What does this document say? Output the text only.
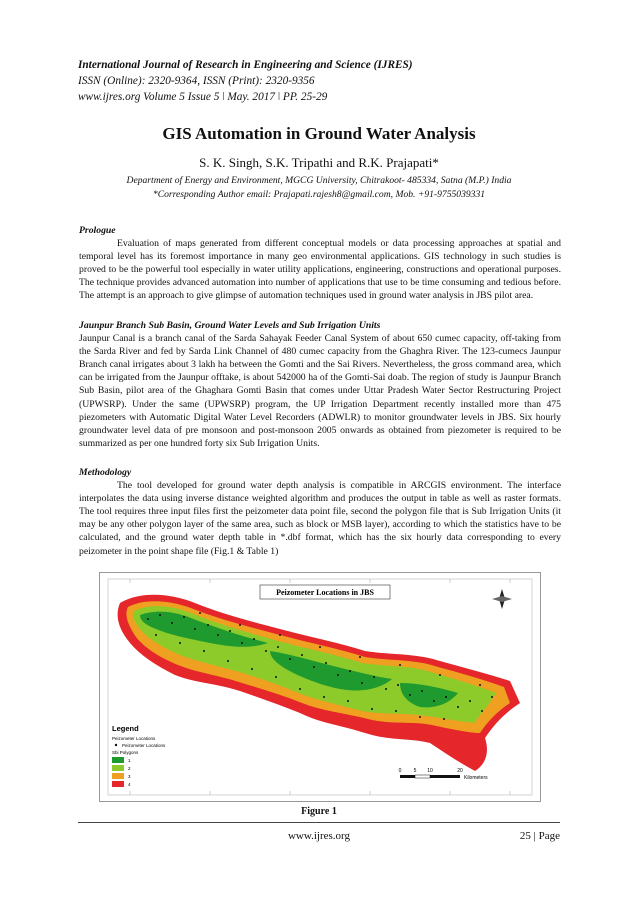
International Journal of Research in Engineering and Science (IJRES)
ISSN (Online): 2320-9364, ISSN (Print): 2320-9356
www.ijres.org Volume 5 Issue 5 ǀ May. 2017 ǀ PP. 25-29
GIS Automation in Ground Water Analysis
S. K. Singh, S.K. Tripathi and R.K. Prajapati*
Department of Energy and Environment, MGCG University, Chitrakoot- 485334, Satna (M.P.) India
*Corresponding Author email: Prajapati.rajesh8@gmail.com, Mob. +91-9755039331
Prologue

Evaluation of maps generated from different conceptual models or data processing approaches at spatial and temporal level has its foremost importance in many geo environmental applications. GIS technology in such studies is proved to be the powerful tool especially in water utility applications, engineering, constructions and operational purposes. The technique provides advanced automation into number of applications that use to be time consuming and tedious before. The attempt is an approach to give glimpse of automation techniques used in ground water analysis in JBS pilot area.

Jaunpur Branch Sub Basin, Ground Water Levels and Sub Irrigation Units

Jaunpur Canal is a branch canal of the Sarda Sahayak Feeder Canal System of about 650 cumec capacity, off-taking from the Sarda River and fed by Sarda Link Channel of 480 cumec capacity from the Ghaghra River. The 123-cumecs Jaunpur Branch canal irrigates about 3 lakh ha between the Gomti and the Sai Rivers. Nevertheless, the gross command area, which can be irrigated from the Jaunpur offtake, is about 542000 ha of the Gomti-Sai doab. The region of study is Jaunpur Branch Sub Basin, pilot area of the Ghaghara Gomti Basin that comes under Uttar Pradesh Water Sector Restructuring Project (UPWSRP). Under the same (UPWSRP) program, the UP Irrigation Department recently installed more than 475 piezometers with Automatic Digital Water Level Recorders (ADWLR) to monitor groundwater levels in JBS. Six hourly groundwater level data of pre monsoon and post-monsoon 2005 onwards as obtained from piezometer is required to be summarized as per one hundred forty six Sub Irrigation Units.

Methodology

The tool developed for ground water depth analysis is compatible in ARCGIS environment. The interface interpolates the data using inverse distance weighted algorithm and produces the output in table as well as raster formats. The tool requires three input files first the peizometer data point file, second the polygon file that is Sub Irrigation Units (it may be any other polygon layer of the same area, such as block or MSB layer), according to which the statistics have to be calculated, and the ground water depth table in *.dbf format, which has the six hourly data corresponding to every peizometer in the point shape file (Fig.1 & Table 1)

Peizometer Locations in JBS
Legend
Peizometer Locations
Peizometer Locations
Sbi Polygons
1
2
3
4
0 5 10	20
Kilometers
Figure 1
www.ijres.org	25 | Page
